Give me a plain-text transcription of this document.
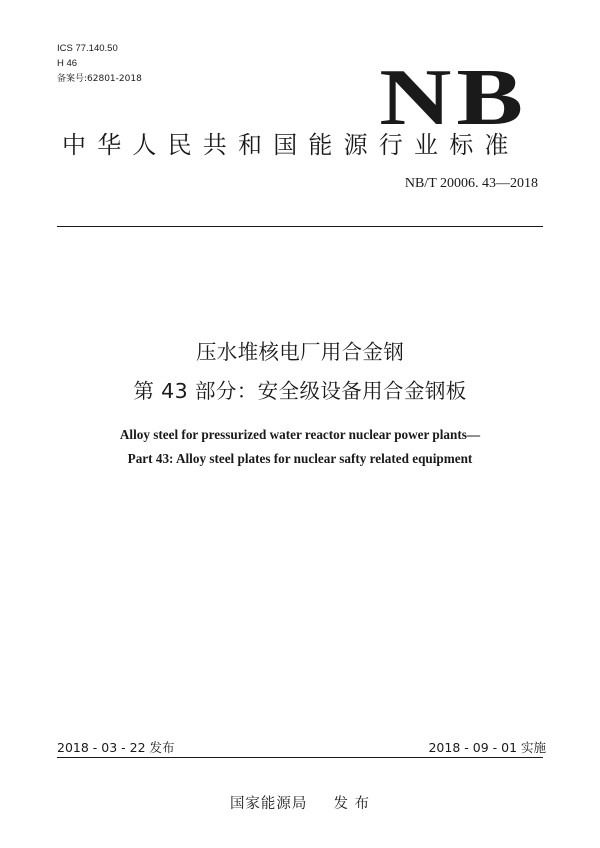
ICS 77.140.50
H 46
备案号:62801-2018	NB
中华人民共和国能源行业标准
NB/T 20006. 43—2018
压水堆核电厂用合金钢
第 43 部分：安全级设备用合金钢板
Alloy steel for pressurized water reactor nuclear power plants—
Part 43: Alloy steel plates for nuclear safty related equipment
2018 - 03 - 22 发布	2018 - 09 - 01 实施
国家能源局 发 布
